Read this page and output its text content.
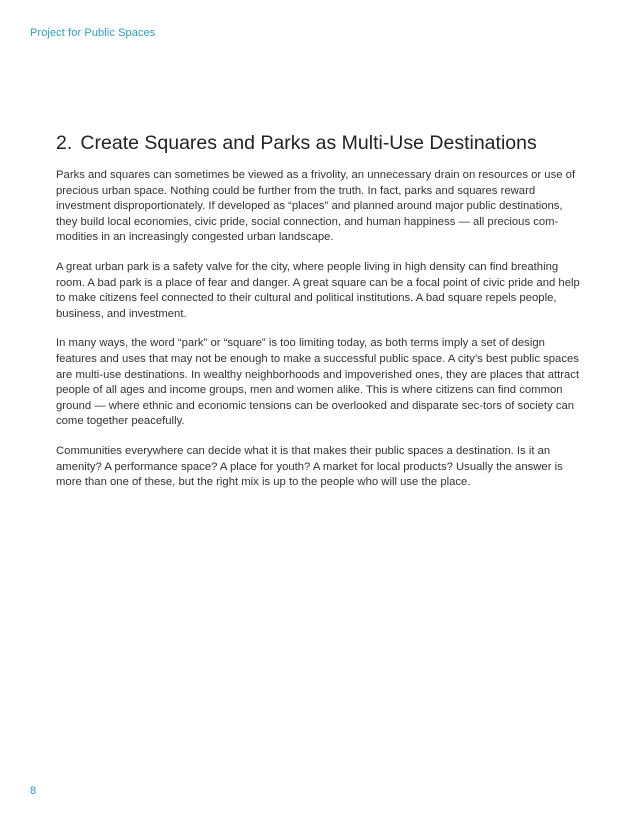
Project for Public Spaces
2. Create Squares and Parks as Multi-Use Destinations

Parks and squares can sometimes be viewed as a frivolity, an unnecessary drain on resources or use of precious urban space. Nothing could be further from the truth. In fact, parks and squares reward investment disproportionately. If developed as “places” and planned around major public destinations, they build local economies, civic pride, social connection, and human happiness — all precious com-modities in an increasingly congested urban landscape.

A great urban park is a safety valve for the city, where people living in high density can find breathing room. A bad park is a place of fear and danger. A great square can be a focal point of civic pride and help to make citizens feel connected to their cultural and political institutions. A bad square repels people, business, and investment.

In many ways, the word “park” or “square” is too limiting today, as both terms imply a set of design features and uses that may not be enough to make a successful public space. A city’s best public spaces are multi-use destinations. In wealthy neighborhoods and impoverished ones, they are places that attract people of all ages and income groups, men and women alike. This is where citizens can find common ground — where ethnic and economic tensions can be overlooked and disparate sec-tors of society can come together peacefully.

Communities everywhere can decide what it is that makes their public spaces a destination. Is it an amenity? A performance space? A place for youth? A market for local products? Usually the answer is more than one of these, but the right mix is up to the people who will use the place.

8
